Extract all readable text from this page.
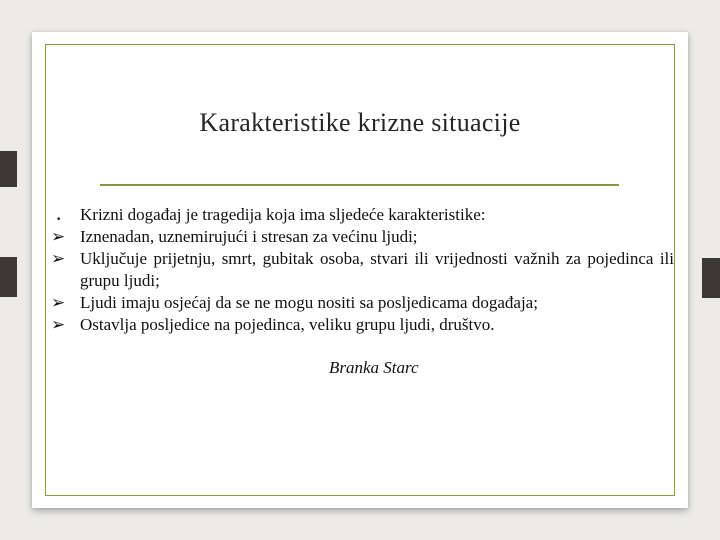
Karakteristike krizne situacije
•	Krizni događaj je tragedija koja ima sljedeće karakteristike:
➢ Iznenadan, uznemirujući i stresan za većinu ljudi;
➢ Uključuje prijetnju, smrt, gubitak osoba, stvari ili vrijednosti važnih za pojedinca ili grupu ljudi;
➢ Ljudi imaju osjećaj da se ne mogu nositi sa posljedicama događaja;
➢ Ostavlja posljedice na pojedinca, veliku grupu ljudi, društvo.
Branka Starc
